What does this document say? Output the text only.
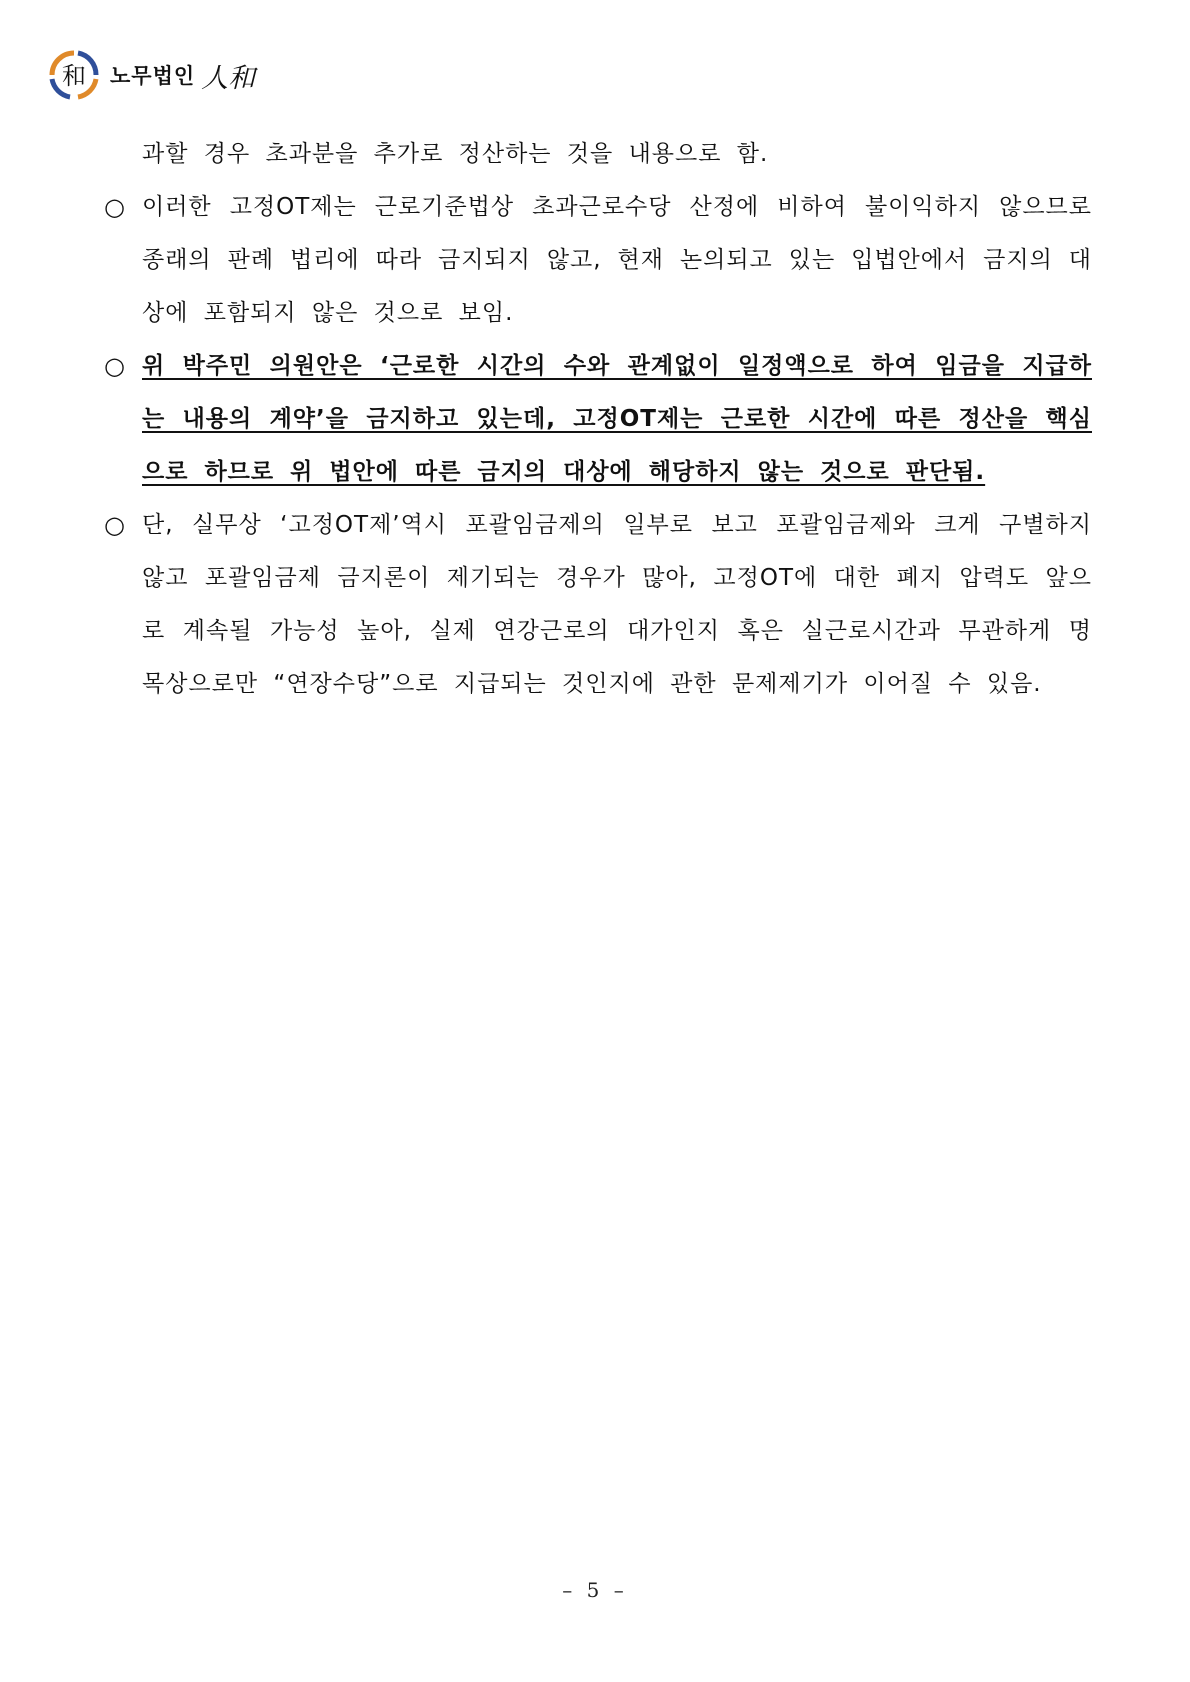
和 노무법인 人和
과할 경우 초과분을 추가로 정산하는 것을 내용으로 함.
○ 이러한 고정OT제는 근로기준법상 초과근로수당 산정에 비하여 불이익하지 않으므로 종래의 판례 법리에 따라 금지되지 않고, 현재 논의되고 있는 입법안에서 금지의 대상에 포함되지 않은 것으로 보임.
○ 위 박주민 의원안은 ‘근로한 시간의 수와 관계없이 일정액으로 하여 임금을 지급하는 내용의 계약’을 금지하고 있는데, 고정OT제는 근로한 시간에 따른 정산을 핵심으로 하므로 위 법안에 따른 금지의 대상에 해당하지 않는 것으로 판단됨.
○ 단, 실무상 ‘고정OT제’역시 포괄임금제의 일부로 보고 포괄임금제와 크게 구별하지 않고 포괄임금제 금지론이 제기되는 경우가 많아, 고정OT에 대한 폐지 압력도 앞으로 계속될 가능성 높아, 실제 연강근로의 대가인지 혹은 실근로시간과 무관하게 명목상으로만 “연장수당”으로 지급되는 것인지에 관한 문제제기가 이어질 수 있음.
– 5 –
